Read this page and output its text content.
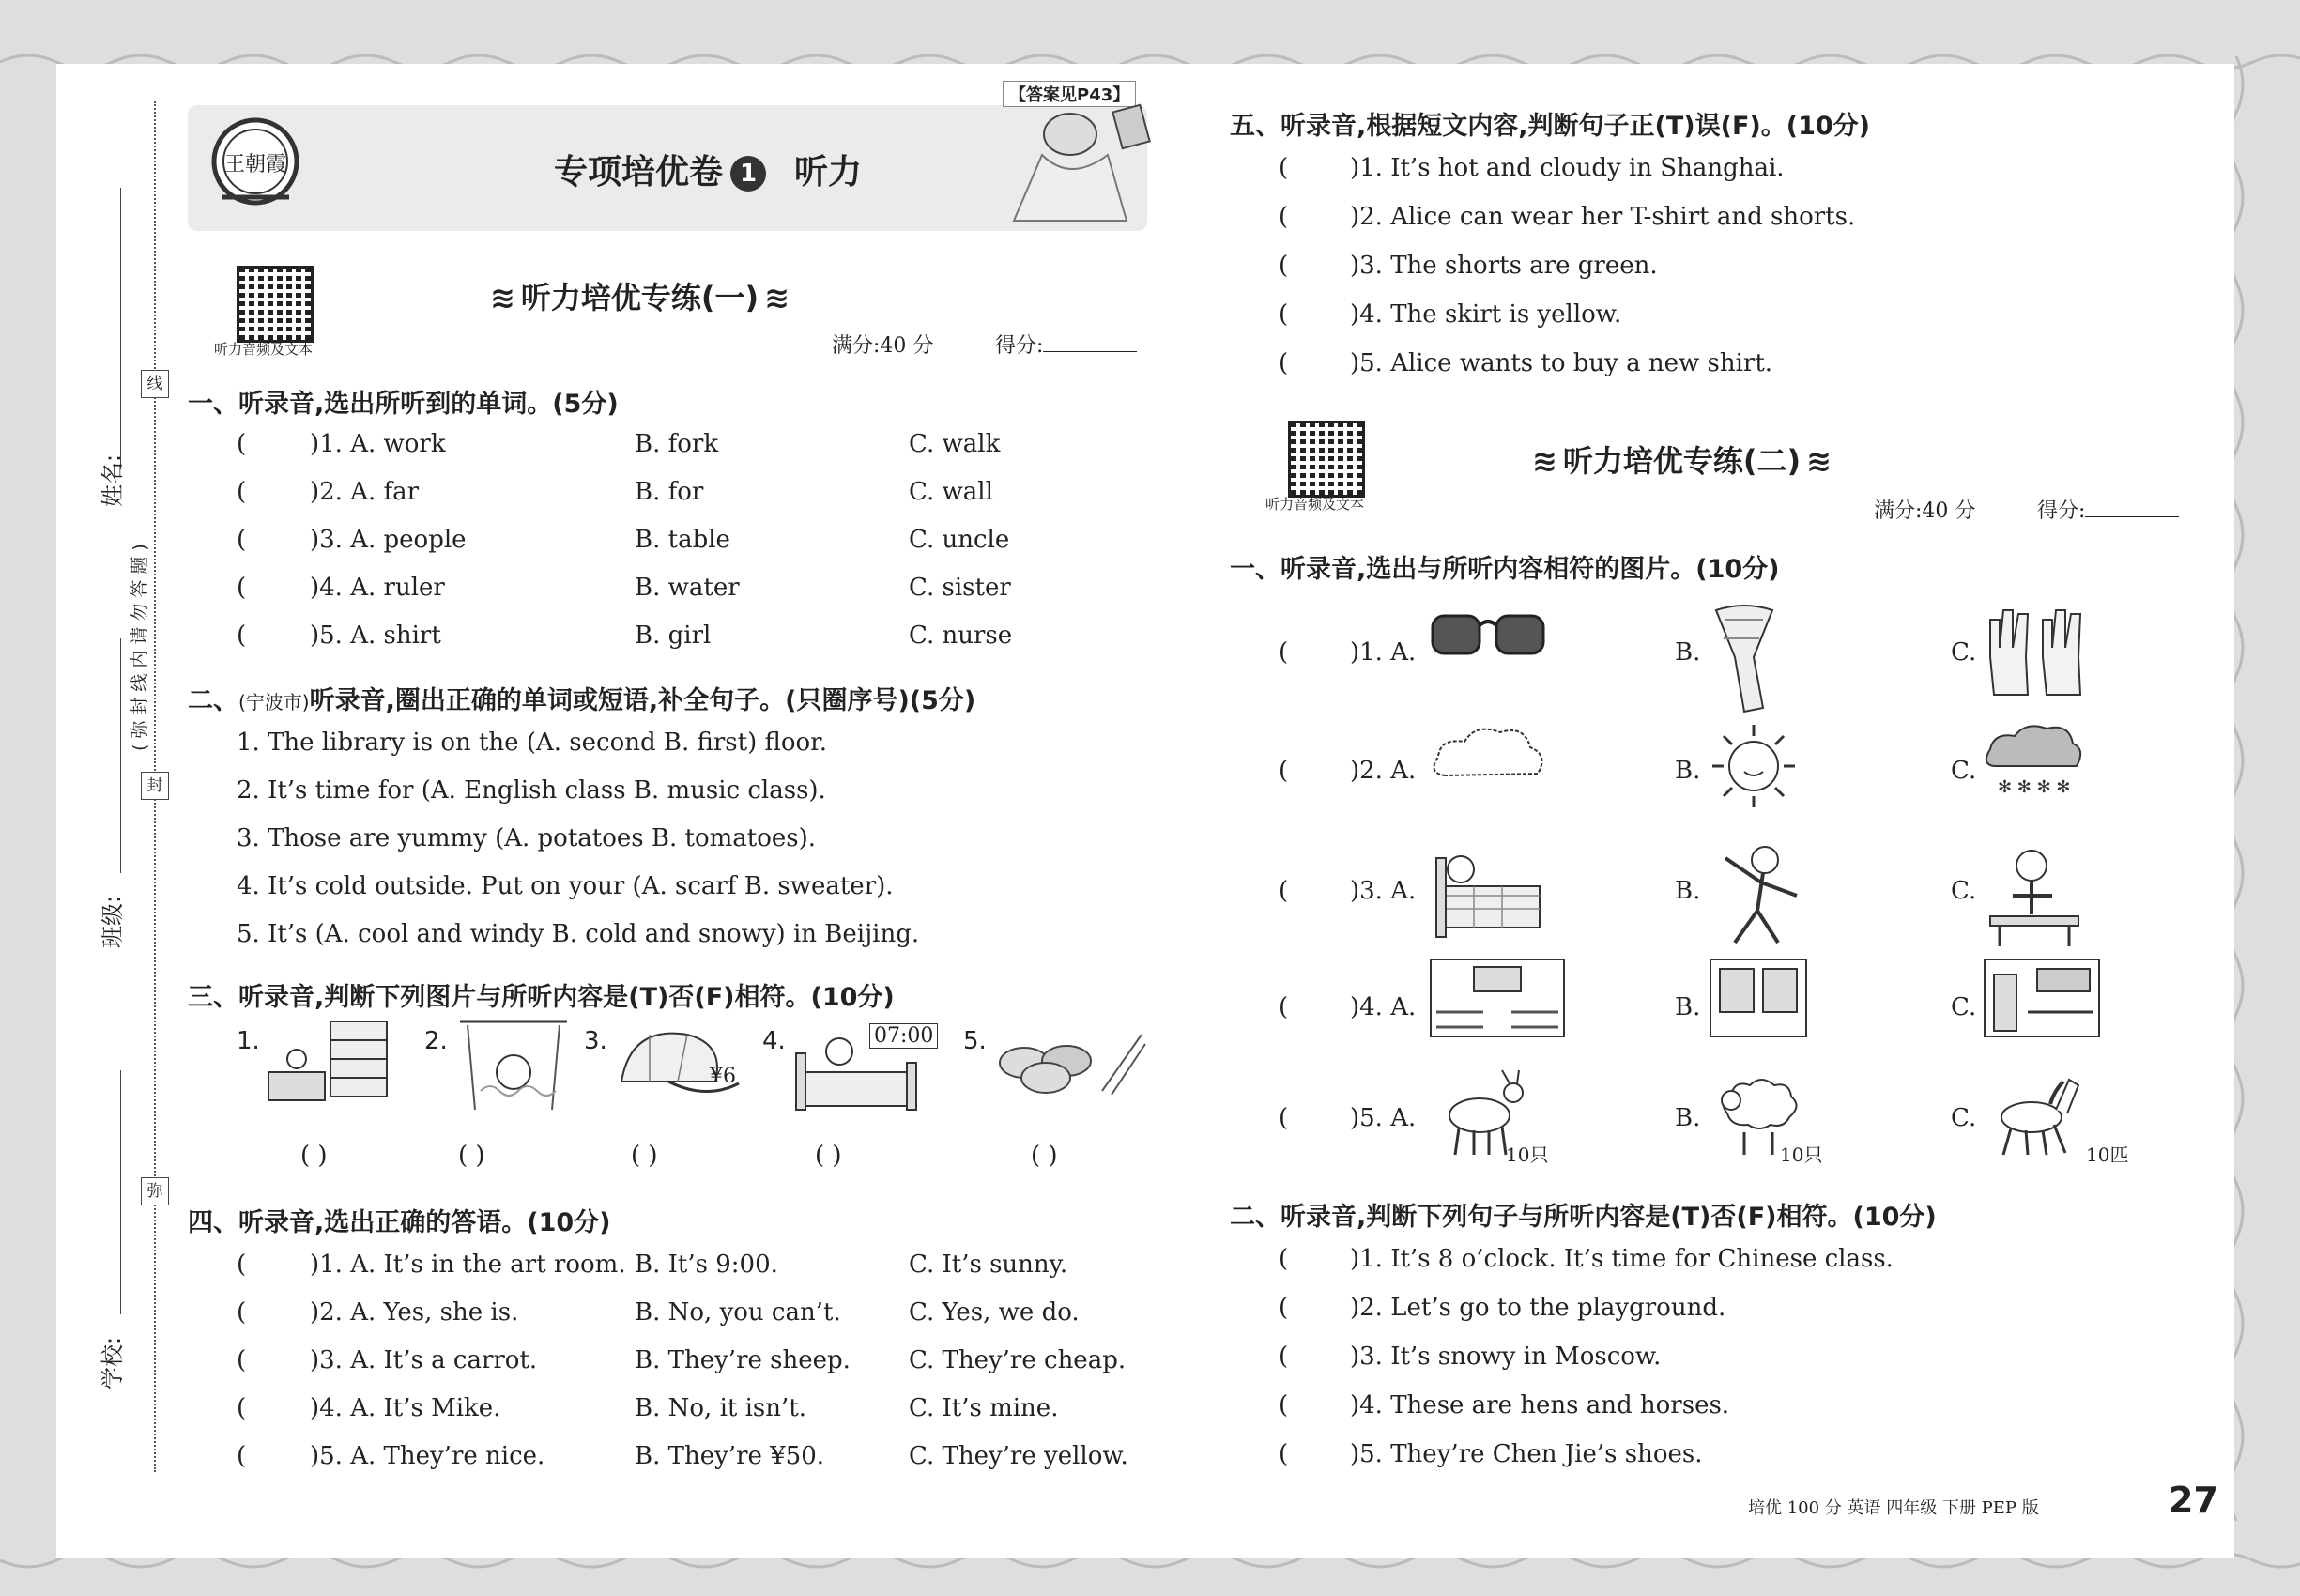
姓名:
班级:
学校:
(弥封线内请勿答题)
线
封
弥
王朝霞
【答案见P43】
专项培优卷 1 听力
听力音频及文本
≋ 听力培优专练(一) ≋
满分:40 分	得分:
一、听录音,选出所听到的单词。(5分)
(	)1. A. work	B. fork	C. walk
(	)2. A. far	B. for	C. wall
(	)3. A. people	B. table	C. uncle
(	)4. A. ruler	B. water	C. sister
(	)5. A. shirt	B. girl	C. nurse
二、(宁波市)听录音,圈出正确的单词或短语,补全句子。(只圈序号)(5分)
1. The library is on the (A. second B. first) floor.
2. It’s time for (A. English class B. music class).
3. Those are yummy (A. potatoes B. tomatoes).
4. It’s cold outside. Put on your (A. scarf B. sweater).
5. It’s (A. cool and windy B. cold and snowy) in Beijing.
三、听录音,判断下列图片与所听内容是(T)否(F)相符。(10分)
1.
( )
2.
( )
3.
( )
4.
( )
5.
( )
¥6
07:00
四、听录音,选出正确的答语。(10分)
(	)1. A. It’s in the art room. B. It’s 9:00.	C. It’s sunny.
(	)2. A. Yes, she is.	B. No, you can’t.	C. Yes, we do.
(	)3. A. It’s a carrot.	B. They’re sheep. C. They’re cheap.
(	)4. A. It’s Mike.	B. No, it isn’t.	C. It’s mine.
(	)5. A. They’re nice.	B. They’re ¥50.	C. They’re yellow.
五、听录音,根据短文内容,判断句子正(T)误(F)。(10分)
(	)1. It’s hot and cloudy in Shanghai.
(	)2. Alice can wear her T-shirt and shorts.
(	)3. The shorts are green.
(	)4. The skirt is yellow.
(	)5. Alice wants to buy a new shirt.
听力音频及文本
≋ 听力培优专练(二) ≋
满分:40 分	得分:
一、听录音,选出与所听内容相符的图片。(10分)
(	)1. A.	B.	C.
(	)2. A.	B.	C.
✻ ✻ ✻ ✻
(	)3. A.	B.	C.
(	)4. A.	B.	C.
(	)5. A.	B.	C.
10只	10只	10匹
二、听录音,判断下列句子与所听内容是(T)否(F)相符。(10分)
(	)1. It’s 8 o’clock. It’s time for Chinese class.
(	)2. Let’s go to the playground.
(	)3. It’s snowy in Moscow.
(	)4. These are hens and horses.
(	)5. They’re Chen Jie’s shoes.
培优 100 分 英语 四年级 下册 PEP 版	27
